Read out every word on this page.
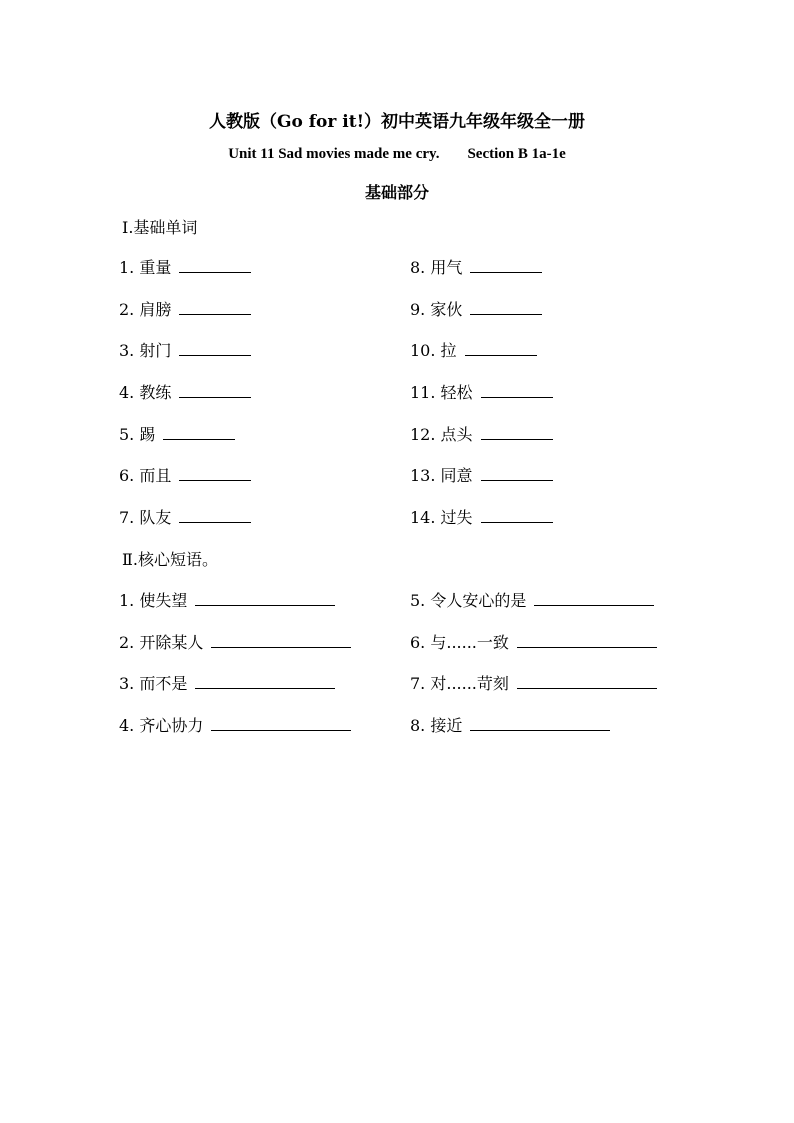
人教版（Go for it!）初中英语九年级年级全一册
Unit 11 Sad movies made me cry. Section B 1a-1e
基础部分
Ⅰ.基础单词
1. 重量
2. 肩膀
3. 射门
4. 教练
5. 踢
6. 而且
7. 队友
8. 用气
9. 家伙
10. 拉
11. 轻松
12. 点头
13. 同意
14. 过失
Ⅱ.核心短语。
1. 使失望
2. 开除某人
3. 而不是
4. 齐心协力
5. 令人安心的是
6. 与......一致
7. 对......苛刻
8. 接近
